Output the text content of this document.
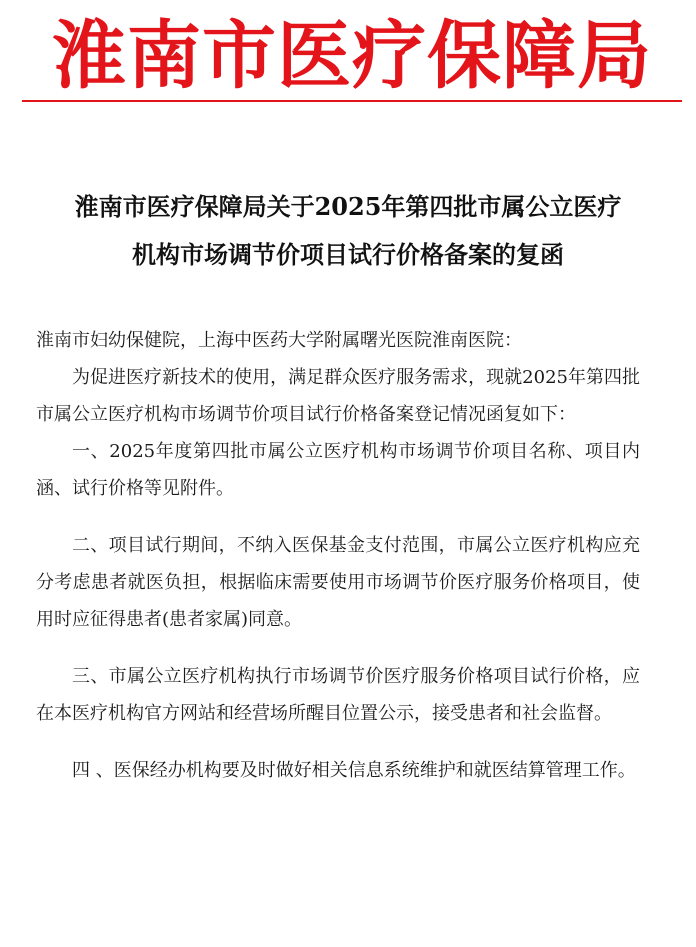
淮南市医疗保障局
淮南市医疗保障局关于2025年第四批市属公立医疗
机构市场调节价项目试行价格备案的复函

淮南市妇幼保健院，上海中医药大学附属曙光医院淮南医院：

为促进医疗新技术的使用，满足群众医疗服务需求，现就2025年第四批市属公立医疗机构市场调节价项目试行价格备案登记情况函复如下：

一、2025年度第四批市属公立医疗机构市场调节价项目名称、项目内涵、试行价格等见附件。

二、项目试行期间，不纳入医保基金支付范围，市属公立医疗机构应充分考虑患者就医负担，根据临床需要使用市场调节价医疗服务价格项目，使用时应征得患者(患者家属)同意。

三、市属公立医疗机构执行市场调节价医疗服务价格项目试行价格，应在本医疗机构官方网站和经营场所醒目位置公示，接受患者和社会监督。

四 、医保经办机构要及时做好相关信息系统维护和就医结算管理工作。
